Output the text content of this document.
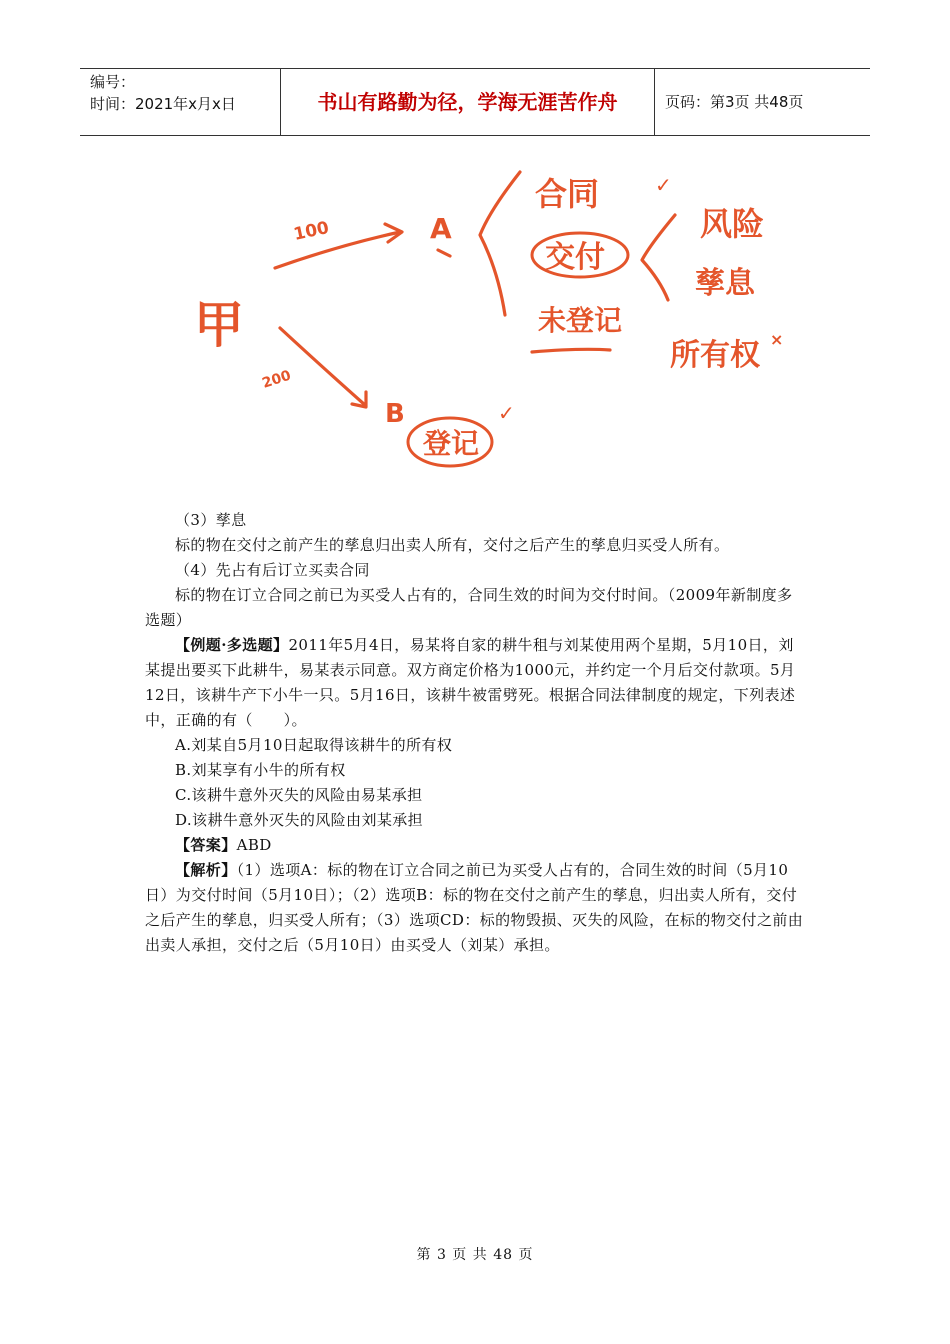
编号：
时间：2021年x月x日	书山有路勤为径，学海无涯苦作舟	页码：第3页 共48页
甲
100
200
A
合同	✓
交付
未登记
风险
孳息
所有权 ×
B
登记
✓

（3）孳息

标的物在交付之前产生的孳息归出卖人所有，交付之后产生的孳息归买受人所有。

（4）先占有后订立买卖合同

标的物在订立合同之前已为买受人占有的，合同生效的时间为交付时间。（2009年新制度多选题）

【例题·多选题】2011年5月4日，易某将自家的耕牛租与刘某使用两个星期，5月10日，刘某提出要买下此耕牛，易某表示同意。双方商定价格为1000元，并约定一个月后交付款项。5月12日，该耕牛产下小牛一只。5月16日，该耕牛被雷劈死。根据合同法律制度的规定，下列表述中，正确的有（　　）。

A.刘某自5月10日起取得该耕牛的所有权

B.刘某享有小牛的所有权

C.该耕牛意外灭失的风险由易某承担

D.该耕牛意外灭失的风险由刘某承担

【答案】ABD

【解析】（1）选项A：标的物在订立合同之前已为买受人占有的，合同生效的时间（5月10日）为交付时间（5月10日）；（2）选项B：标的物在交付之前产生的孳息，归出卖人所有，交付之后产生的孳息，归买受人所有；（3）选项CD：标的物毁损、灭失的风险，在标的物交付之前由出卖人承担，交付之后（5月10日）由买受人（刘某）承担。

第 3 页 共 48 页
